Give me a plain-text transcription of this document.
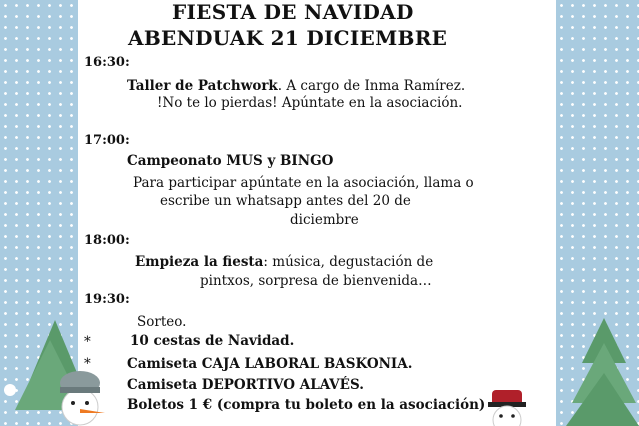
FIESTA DE NAVIDAD
ABENDUAK 21 DICIEMBRE
16:30:
Taller de Patchwork. A cargo de Inma Ramírez.
!No te lo pierdas! Apúntate en la asociación.
17:00:
Campeonato MUS y BINGO
Para participar apúntate en la asociación, llama o
escribe un whatsapp antes del 20 de
diciembre
18:00:
Empieza la fiesta: música, degustación de
pintxos, sorpresa de bienvenida…
19:30:
Sorteo.
*	10 cestas de Navidad.
*	Camiseta CAJA LABORAL BASKONIA.
Camiseta DEPORTIVO ALAVÉS.
Boletos 1 € (compra tu boleto en la asociación)
